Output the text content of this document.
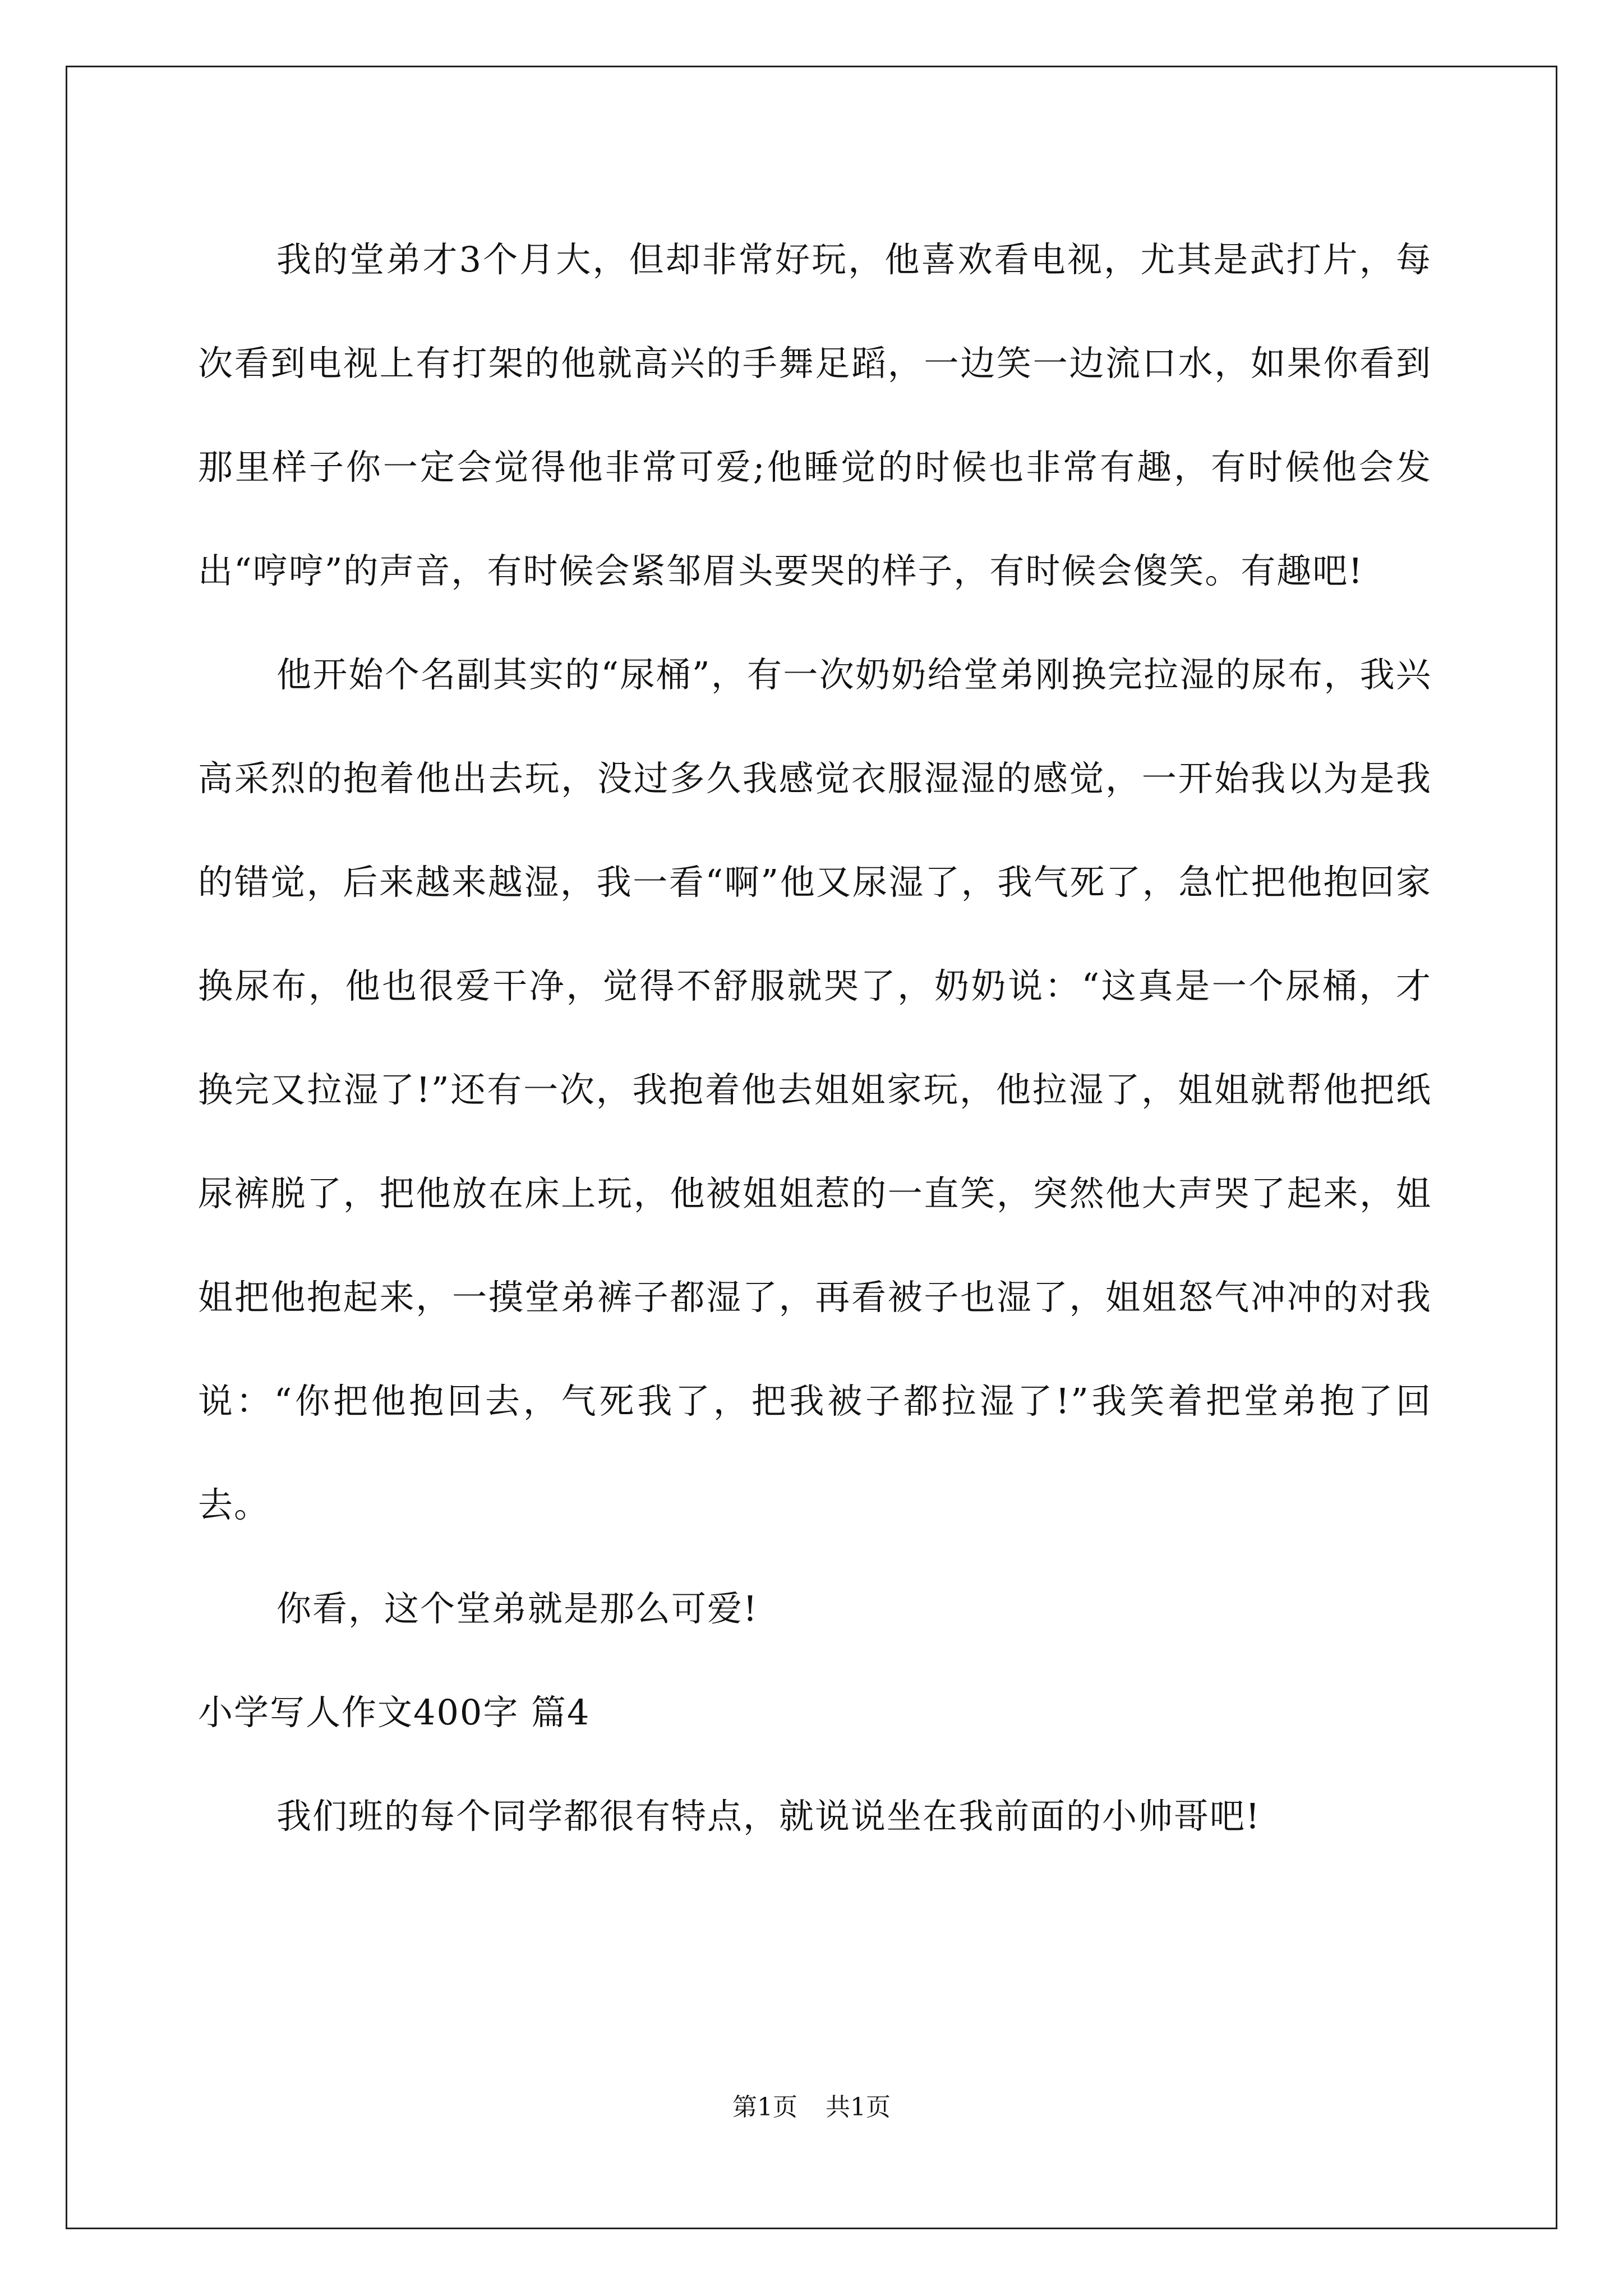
我的堂弟才3个月大，但却非常好玩，他喜欢看电视，尤其是武打片，每次看到电视上有打架的他就高兴的手舞足蹈，一边笑一边流口水，如果你看到那里样子你一定会觉得他非常可爱;他睡觉的时候也非常有趣，有时候他会发出“哼哼”的声音，有时候会紧邹眉头要哭的样子，有时候会傻笑。有趣吧!

他开始个名副其实的“尿桶”，有一次奶奶给堂弟刚换完拉湿的尿布，我兴高采烈的抱着他出去玩，没过多久我感觉衣服湿湿的感觉，一开始我以为是我的错觉，后来越来越湿，我一看“啊”他又尿湿了，我气死了，急忙把他抱回家换尿布，他也很爱干净，觉得不舒服就哭了，奶奶说：“这真是一个尿桶，才换完又拉湿了!”还有一次，我抱着他去姐姐家玩，他拉湿了，姐姐就帮他把纸尿裤脱了，把他放在床上玩，他被姐姐惹的一直笑，突然他大声哭了起来，姐姐把他抱起来，一摸堂弟裤子都湿了，再看被子也湿了，姐姐怒气冲冲的对我说：“你把他抱回去，气死我了，把我被子都拉湿了!”我笑着把堂弟抱了回去。

你看，这个堂弟就是那么可爱!

小学写人作文400字 篇4

我们班的每个同学都很有特点，就说说坐在我前面的小帅哥吧!

第1页 共1页
